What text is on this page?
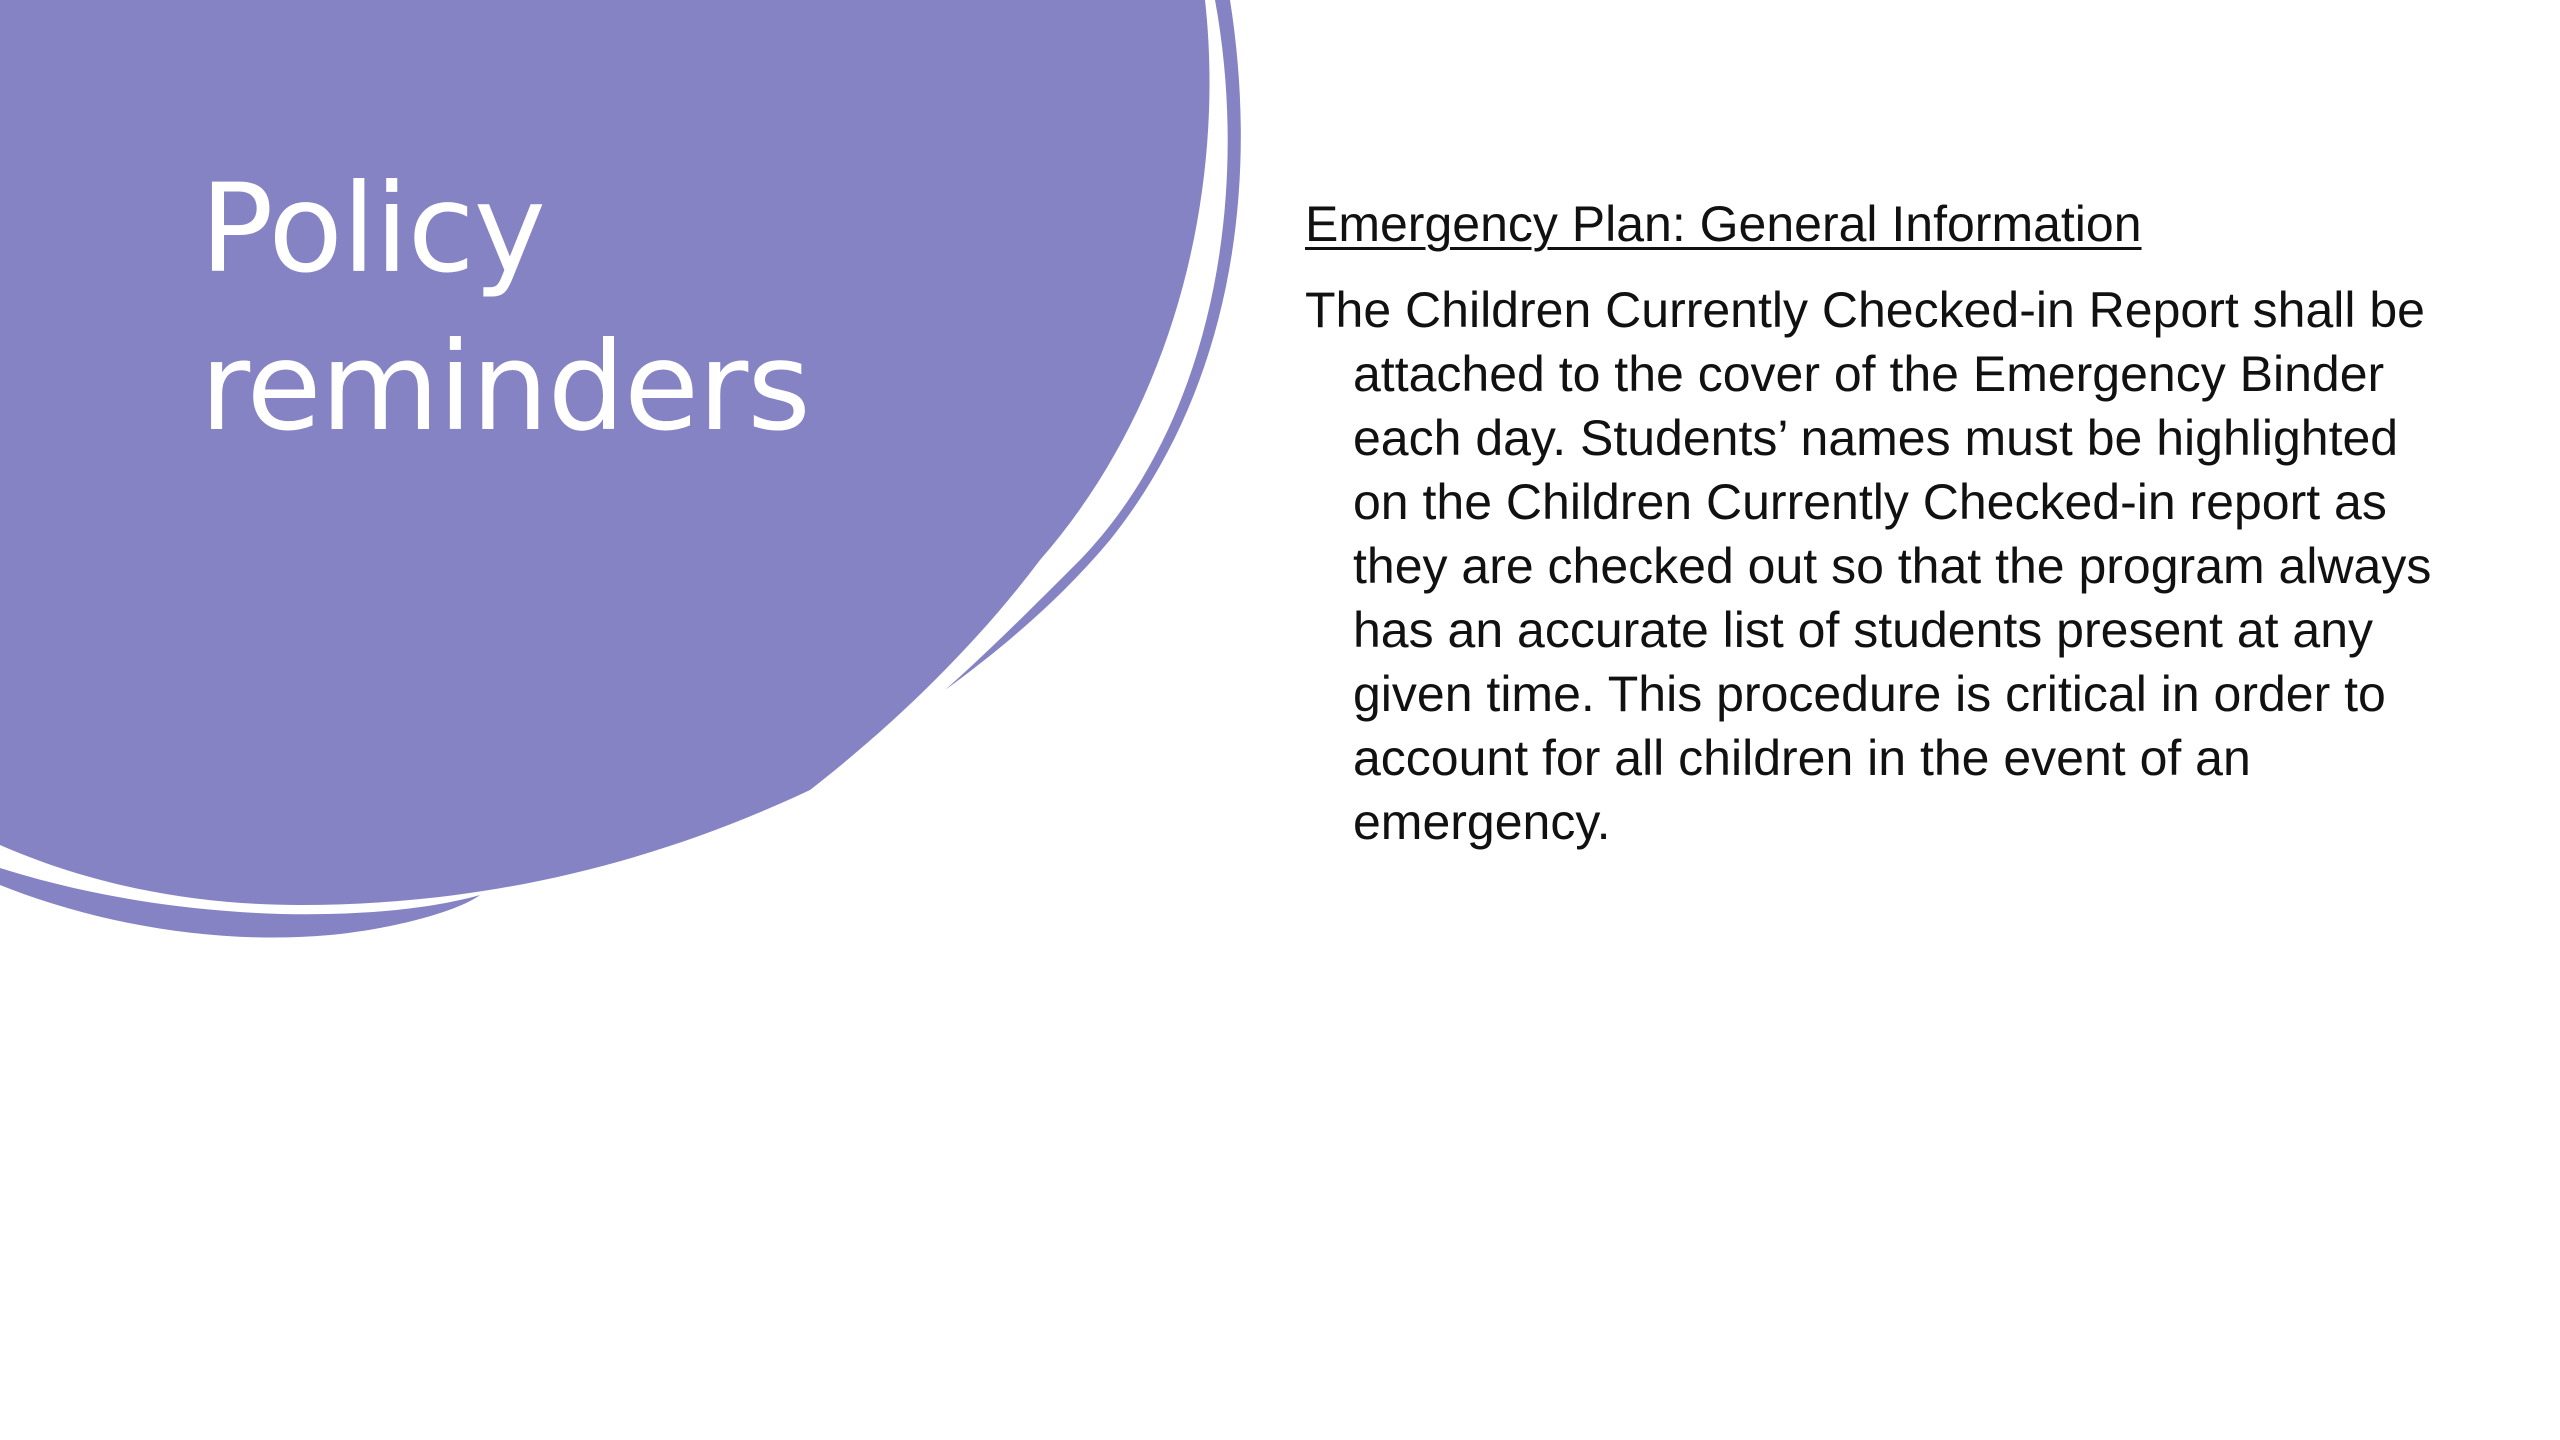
Policy
reminders
Emergency Plan: General Information

The Children Currently Checked-in Report shall be attached to the cover of the Emergency Binder each day. Students’ names must be highlighted on the Children Currently Checked-in report as they are checked out so that the program always has an accurate list of students present at any given time. This procedure is critical in order to account for all children in the event of an emergency.
